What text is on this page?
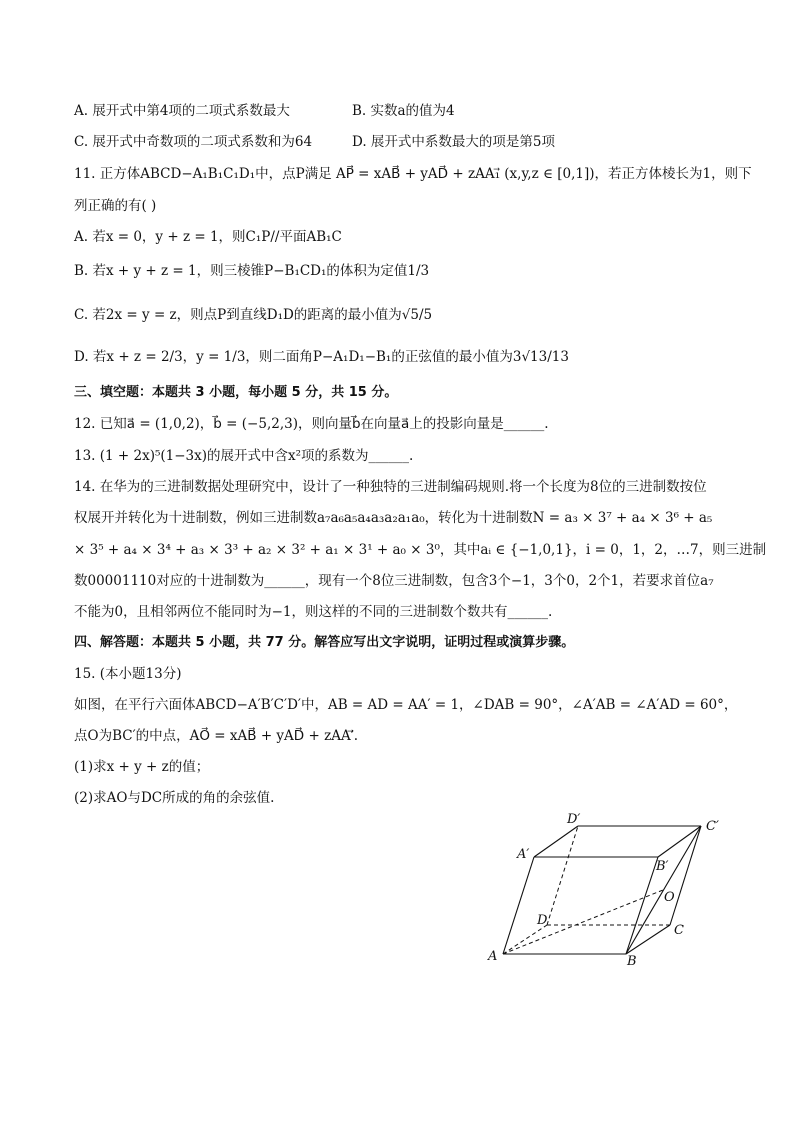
A. 展开式中第4项的二项式系数最大	B. 实数a的值为4
C. 展开式中奇数项的二项式系数和为64	D. 展开式中系数最大的项是第5项
11. 正方体ABCD−A₁B₁C₁D₁中，点P满足 AP⃗ = xAB⃗ + yAD⃗ + zAA₁⃗ (x,y,z ∈ [0,1])，若正方体棱长为1，则下
列正确的有( )
A. 若x = 0，y + z = 1，则C₁P//平面AB₁C
B. 若x + y + z = 1，则三棱锥P−B₁CD₁的体积为定值1/3
C. 若2x = y = z，则点P到直线D₁D的距离的最小值为√5/5
D. 若x + z = 2/3，y = 1/3，则二面角P−A₁D₁−B₁的正弦值的最小值为3√13/13
三、填空题：本题共 3 小题，每小题 5 分，共 15 分。
12. 已知a⃗ = (1,0,2)，b⃗ = (−5,2,3)，则向量b⃗在向量a⃗上的投影向量是______.
13. (1 + 2x)⁵(1−3x)的展开式中含x²项的系数为______.
14. 在华为的三进制数据处理研究中，设计了一种独特的三进制编码规则.将一个长度为8位的三进制数按位
权展开并转化为十进制数，例如三进制数a₇a₆a₅a₄a₃a₂a₁a₀，转化为十进制数N = a₃ × 3⁷ + a₄ × 3⁶ + a₅
× 3⁵ + a₄ × 3⁴ + a₃ × 3³ + a₂ × 3² + a₁ × 3¹ + a₀ × 3⁰，其中aᵢ ∈ {−1,0,1}，i = 0，1，2，…7，则三进制
数00001110对应的十进制数为______，现有一个8位三进制数，包含3个−1，3个0，2个1，若要求首位a₇
不能为0，且相邻两位不能同时为−1，则这样的不同的三进制数个数共有______.
四、解答题：本题共 5 小题，共 77 分。解答应写出文字说明，证明过程或演算步骤。
15. (本小题13分)
如图，在平行六面体ABCD−A′B′C′D′中，AB = AD = AA′ = 1，∠DAB = 90°，∠A′AB = ∠A′AD = 60°，
点O为BC′的中点，AO⃗ = xAB⃗ + yAD⃗ + zAA′⃗.
(1)求x + y + z的值；
(2)求AO与DC所成的角的余弦值.
A	B
C
D
A′
B′
C′
D′
O
